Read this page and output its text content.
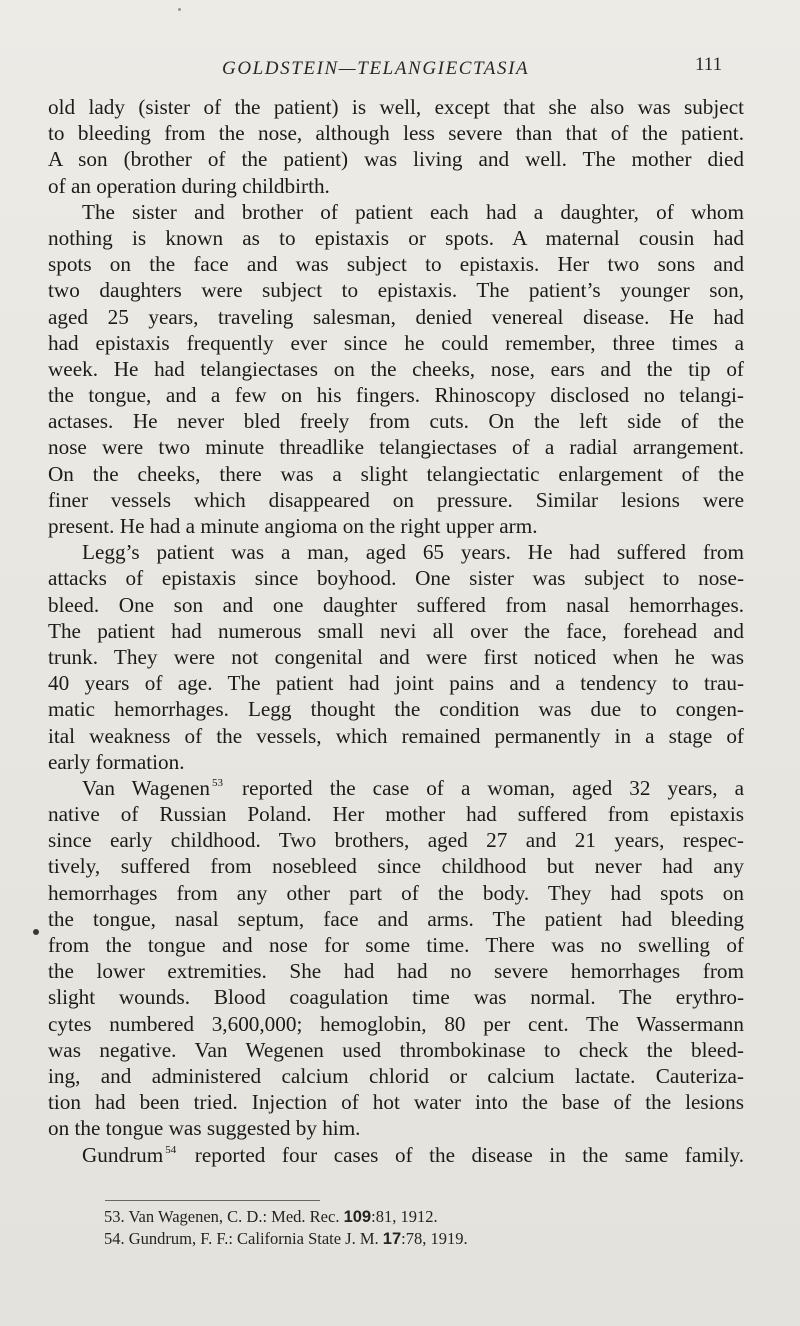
GOLDSTEIN—TELANGIECTASIA	111
old lady (sister of the patient) is well, except that she also was subject
to bleeding from the nose, although less severe than that of the patient.
A son (brother of the patient) was living and well. The mother died
of an operation during childbirth.
The sister and brother of patient each had a daughter, of whom
nothing is known as to epistaxis or spots. A maternal cousin had
spots on the face and was subject to epistaxis. Her two sons and
two daughters were subject to epistaxis. The patient’s younger son,
aged 25 years, traveling salesman, denied venereal disease. He had
had epistaxis frequently ever since he could remember, three times a
week. He had telangiectases on the cheeks, nose, ears and the tip of
the tongue, and a few on his fingers. Rhinoscopy disclosed no telangi-
actases. He never bled freely from cuts. On the left side of the
nose were two minute threadlike telangiectases of a radial arrangement.
On the cheeks, there was a slight telangiectatic enlargement of the
finer vessels which disappeared on pressure. Similar lesions were
present. He had a minute angioma on the right upper arm.
Legg’s patient was a man, aged 65 years. He had suffered from
attacks of epistaxis since boyhood. One sister was subject to nose-
bleed. One son and one daughter suffered from nasal hemorrhages.
The patient had numerous small nevi all over the face, forehead and
trunk. They were not congenital and were first noticed when he was
40 years of age. The patient had joint pains and a tendency to trau-
matic hemorrhages. Legg thought the condition was due to congen-
ital weakness of the vessels, which remained permanently in a stage of
early formation.
Van Wagenen $^{53}$ reported the case of a woman, aged 32 years, a
native of Russian Poland. Her mother had suffered from epistaxis
since early childhood. Two brothers, aged 27 and 21 years, respec-
tively, suffered from nosebleed since childhood but never had any
hemorrhages from any other part of the body. They had spots on
the tongue, nasal septum, face and arms. The patient had bleeding
from the tongue and nose for some time. There was no swelling of
the lower extremities. She had had no severe hemorrhages from
slight wounds. Blood coagulation time was normal. The erythro-
cytes numbered 3,600,000; hemoglobin, 80 per cent. The Wassermann
was negative. Van Wegenen used thrombokinase to check the bleed-
ing, and administered calcium chlorid or calcium lactate. Cauteriza-
tion had been tried. Injection of hot water into the base of the lesions
on the tongue was suggested by him.
Gundrum $^{54}$ reported four cases of the disease in the same family.
53. Van Wagenen, C. D.: Med. Rec. 109:81, 1912.
54. Gundrum, F. F.: California State J. M. 17:78, 1919.
